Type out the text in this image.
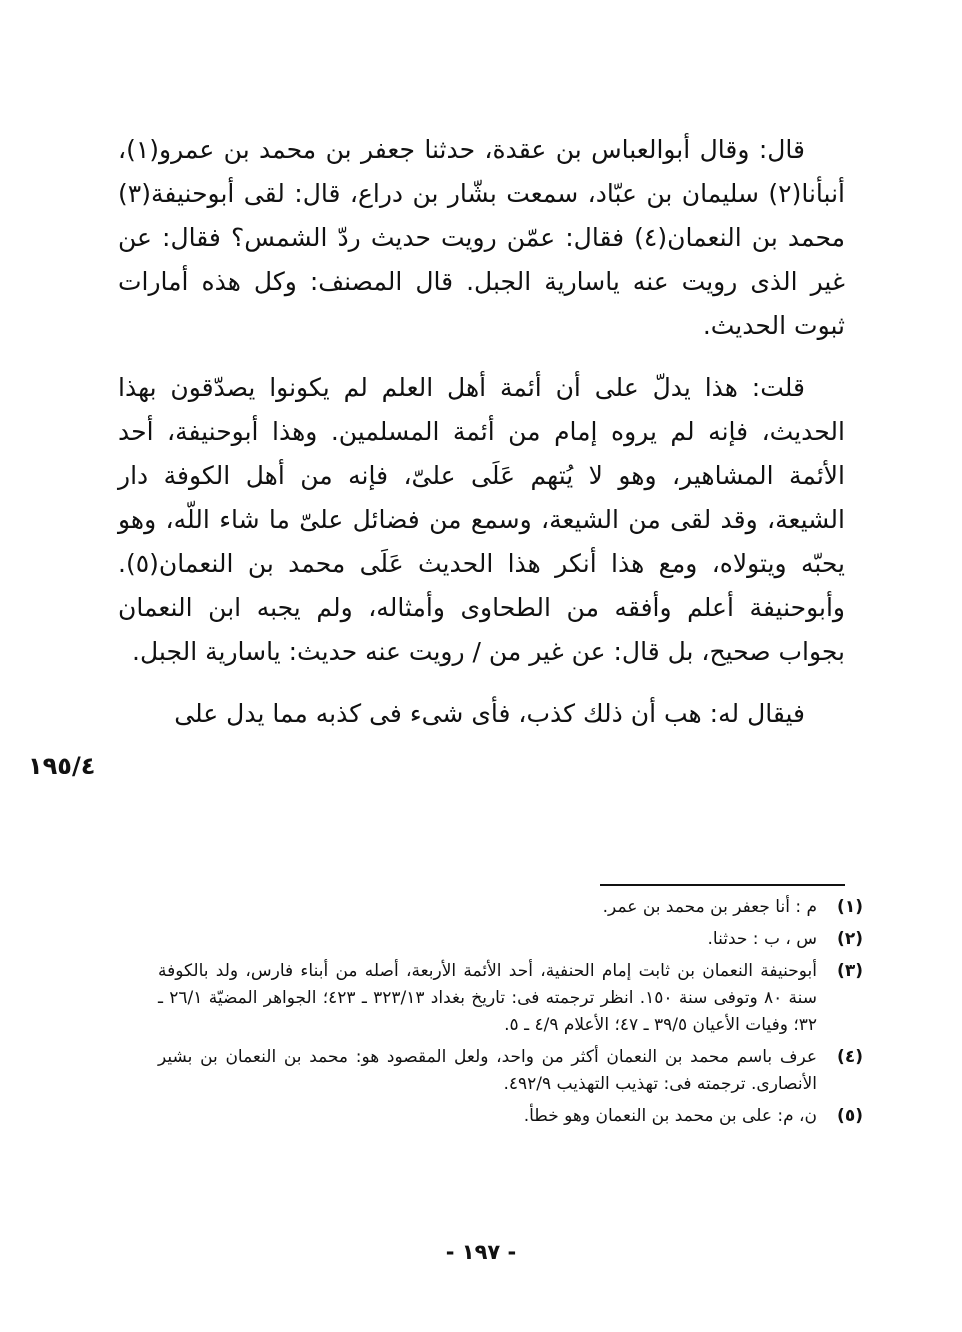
قال: وقال أبوالعباس بن عقدة، حدثنا جعفر بن محمد بن عمرو(١)، أنبأنا(٢) سليمان بن عبّاد، سمعت بشّار بن دراع، قال: لقى أبوحنيفة(٣) محمد بن النعمان(٤) فقال: عمّن رويت حديث ردّ الشمس؟ فقال: عن غير الذى رويت عنه ياسارية الجبل. قال المصنف: وكل هذه أمارات ثبوت الحديث.

قلت: هذا يدلّ على أن أئمة أهل العلم لم يكونوا يصدّقون بهذا الحديث، فإنه لم يروه إمام من أئمة المسلمين. وهذا أبوحنيفة، أحد الأئمة المشاهير، وهو لا يُتهم عَلَى علىّ، فإنه من أهل الكوفة دار الشيعة، وقد لقى من الشيعة، وسمع من فضائل علىّ ما شاء اللّه، وهو يحبّه ويتولاه، ومع هذا أنكر هذا الحديث عَلَى محمد بن النعمان(٥). وأبوحنيفة أعلم وأفقه من الطحاوى وأمثاله، ولم يجبه ابن النعمان بجواب صحيح، بل قال: عن غير من / رويت عنه حديث: ياسارية الجبل.

فيقال له: هب أن ذلك كذب، فأى شىء فى كذبه مما يدل على

١٩٥/٤
(١)
م : أنا جعفر بن محمد بن عمر.
(٢)
س ، ب : حدثنا.
(٣)
أبوحنيفة النعمان بن ثابت إمام الحنفية، أحد الأئمة الأربعة، أصله من أبناء فارس، ولد بالكوفة سنة ٨٠ وتوفى سنة ١٥٠. انظر ترجمته فى: تاريخ بغداد ٣٢٣/١٣ ـ ٤٢٣؛ الجواهر المضيّة ٢٦/١ ـ ٣٢؛ وفيات الأعيان ٣٩/٥ ـ ٤٧؛ الأعلام ٤/٩ ـ ٥.
(٤)
عرف باسم محمد بن النعمان أكثر من واحد، ولعل المقصود هو: محمد بن النعمان بن بشير الأنصارى. ترجمته فى: تهذيب التهذيب ٤٩٢/٩.
(٥)
ن، م: على بن محمد بن النعمان وهو خطأ.
- ١٩٧ -
